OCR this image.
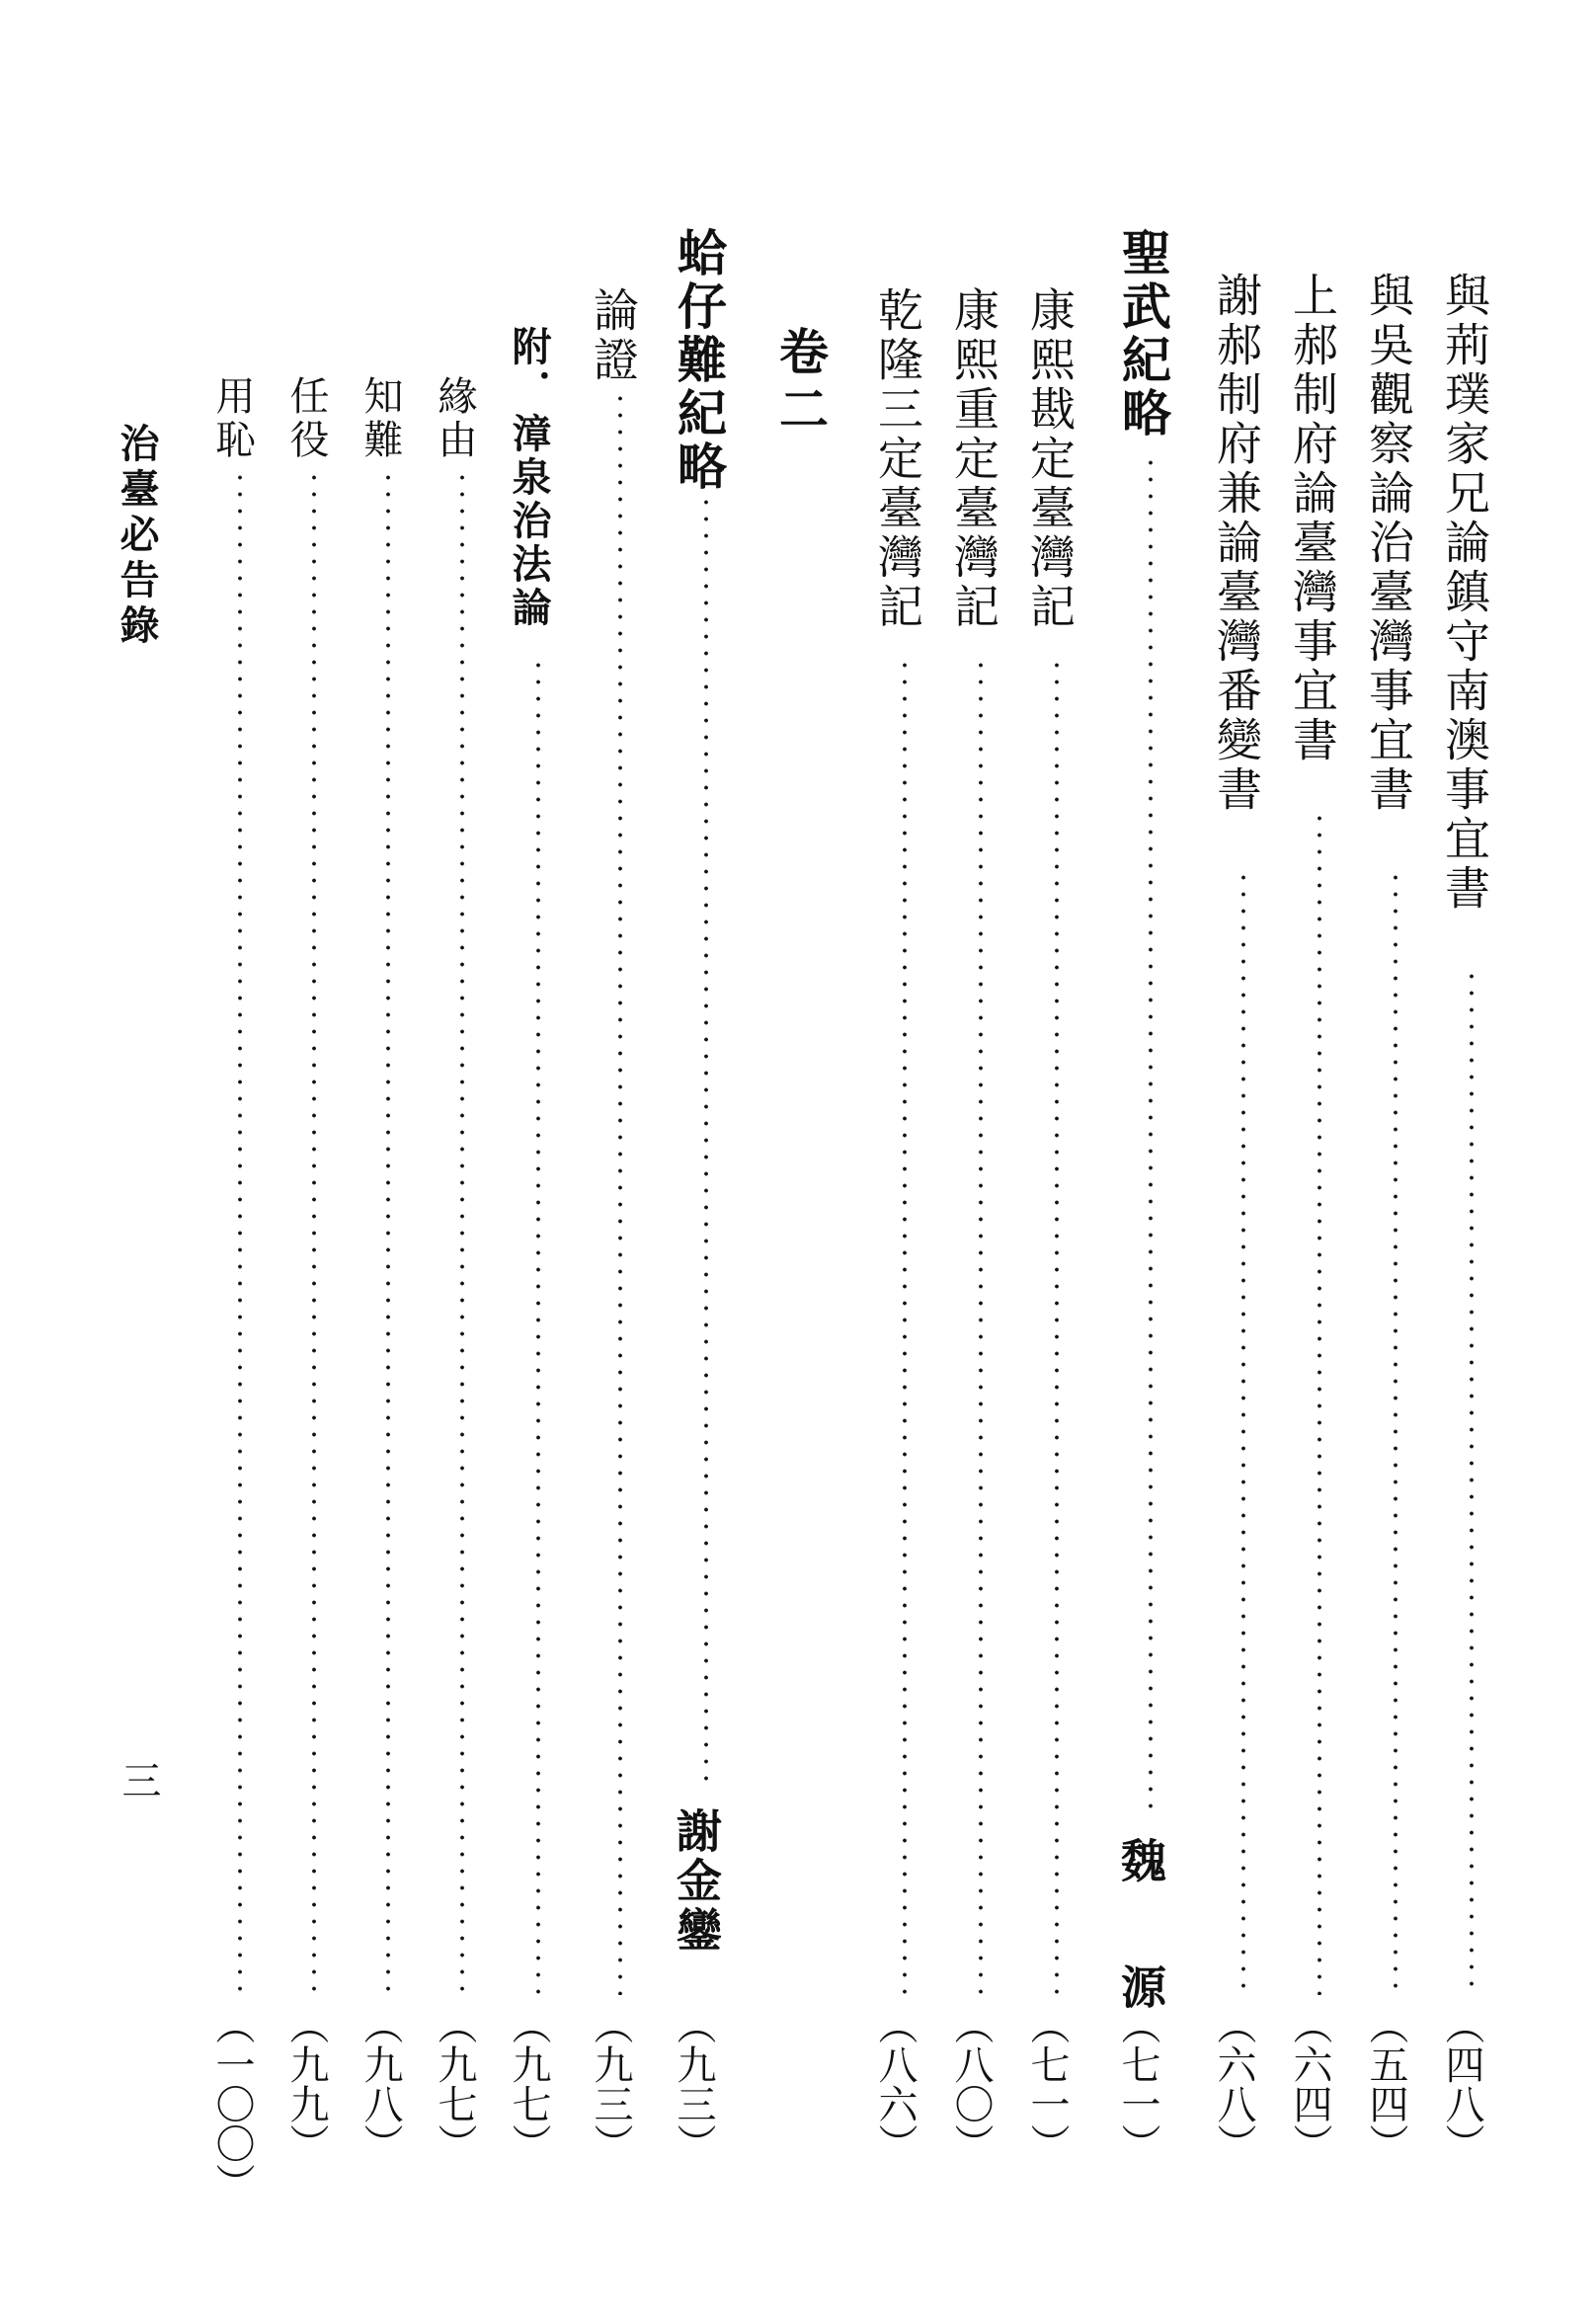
與荊璞家兄論鎮守南澳事宜書
（四八）
與吳觀察論治臺灣事宜書
（五四）
上郝制府論臺灣事宜書
（六四）
謝郝制府兼論臺灣番變書
（六八）
聖武紀略
魏　源
（七一）
康熙戡定臺灣記
（七一）
康熙重定臺灣記
（八〇）
乾隆三定臺灣記
（八六）
卷二
蛤仔難紀略
謝金鑾
（九三）
論證
（九三）
附．漳泉治法論
（九七）
緣由
（九七）
知難
（九八）
任役
（九九）
用恥
（一〇〇）
治臺必告錄
三
